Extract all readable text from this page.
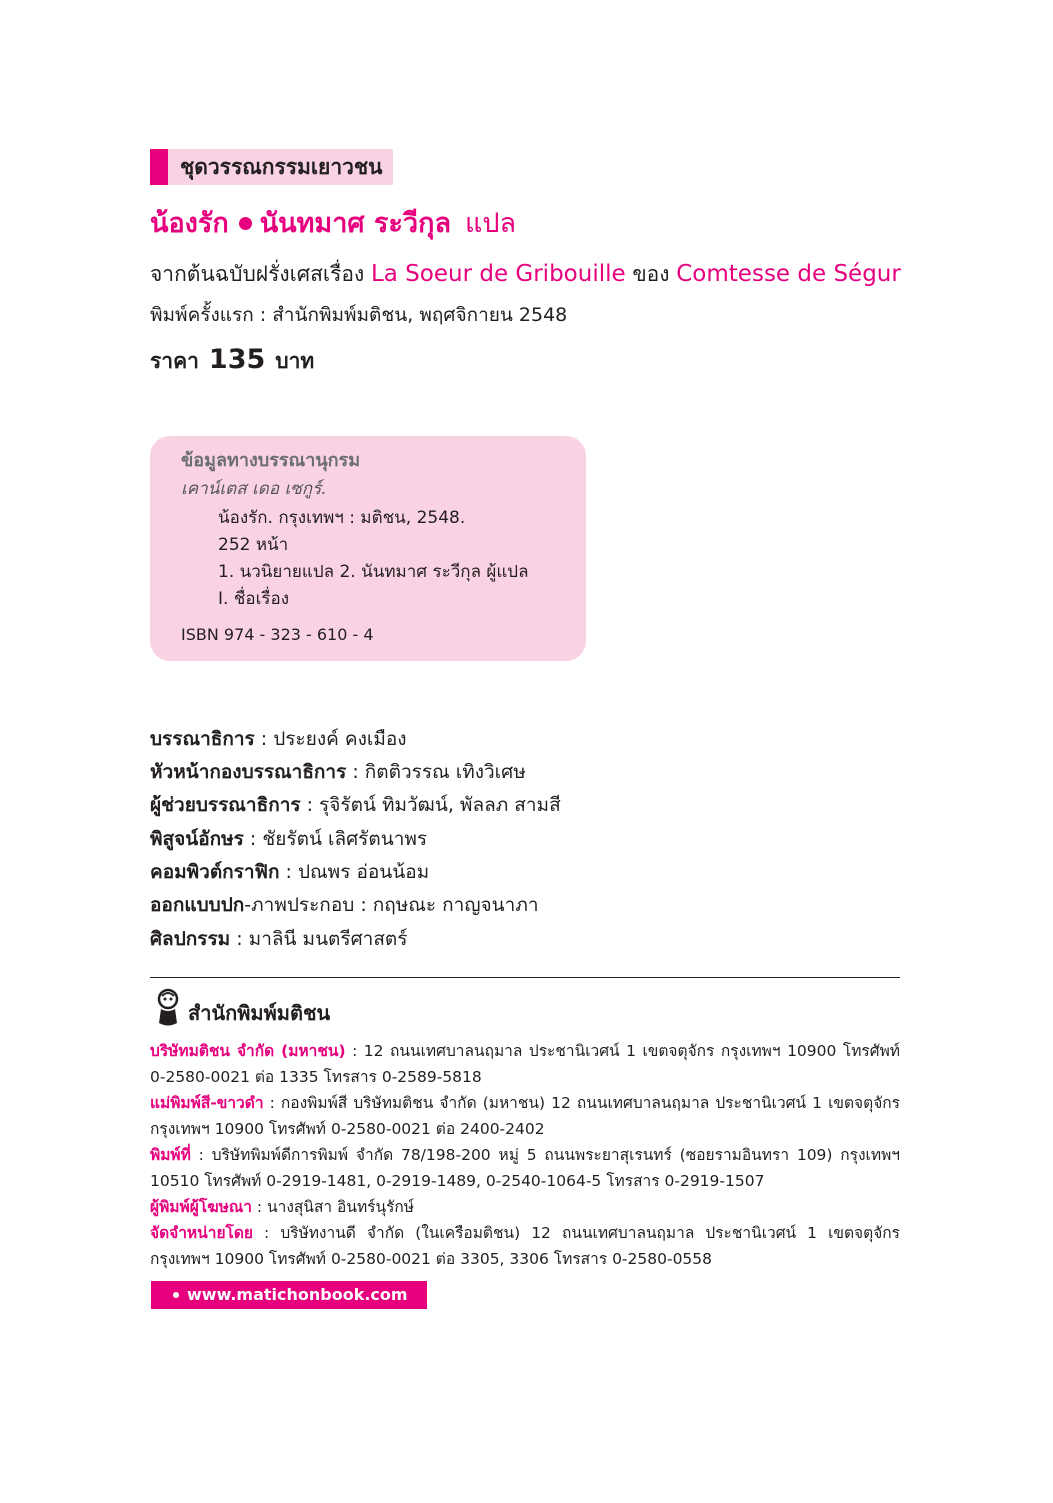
ชุดวรรณกรรมเยาวชน
น้องรัก นันทมาศ ระวีกุล แปล
จากต้นฉบับฝรั่งเศสเรื่อง La Soeur de Gribouille ของ Comtesse de Ségur
พิมพ์ครั้งแรก : สำนักพิมพ์มติชน, พฤศจิกายน 2548
ราคา 135 บาท
ข้อมูลทางบรรณานุกรม
เคาน์เตส เดอ เซกูร์.
น้องรัก. กรุงเทพฯ : มติชน, 2548.
252 หน้า
1. นวนิยายแปล 2. นันทมาศ ระวีกุล ผู้แปล
I. ชื่อเรื่อง
ISBN 974 - 323 - 610 - 4
บรรณาธิการ : ประยงค์ คงเมือง
หัวหน้ากองบรรณาธิการ : กิตติวรรณ เทิงวิเศษ
ผู้ช่วยบรรณาธิการ : รุจิรัตน์ ทิมวัฒน์, พัลลภ สามสี
พิสูจน์อักษร : ชัยรัตน์ เลิศรัตนาพร
คอมพิวต์กราฟิก : ปณพร อ่อนน้อม
ออกแบบปก-ภาพประกอบ : กฤษณะ กาญจนาภา
ศิลปกรรม : มาลินี มนตรีศาสตร์
สำนักพิมพ์มติชน

บริษัทมติชน จำกัด (มหาชน) : 12 ถนนเทศบาลนฤมาล ประชานิเวศน์ 1 เขตจตุจักร กรุงเทพฯ 10900 โทรศัพท์ 0-2580-0021 ต่อ 1335 โทรสาร 0-2589-5818

แม่พิมพ์สี-ขาวดำ : กองพิมพ์สี บริษัทมติชน จำกัด (มหาชน) 12 ถนนเทศบาลนฤมาล ประชานิเวศน์ 1 เขตจตุจักร กรุงเทพฯ 10900 โทรศัพท์ 0-2580-0021 ต่อ 2400-2402

พิมพ์ที่ : บริษัทพิมพ์ดีการพิมพ์ จำกัด 78/198-200 หมู่ 5 ถนนพระยาสุเรนทร์ (ซอยรามอินทรา 109) กรุงเทพฯ 10510 โทรศัพท์ 0-2919-1481, 0-2919-1489, 0-2540-1064-5 โทรสาร 0-2919-1507

ผู้พิมพ์ผู้โฆษณา : นางสุนิสา อินทร์นุรักษ์

จัดจำหน่ายโดย : บริษัทงานดี จำกัด (ในเครือมติชน) 12 ถนนเทศบาลนฤมาล ประชานิเวศน์ 1 เขตจตุจักร กรุงเทพฯ 10900 โทรศัพท์ 0-2580-0021 ต่อ 3305, 3306 โทรสาร 0-2580-0558

www.matichonbook.com
